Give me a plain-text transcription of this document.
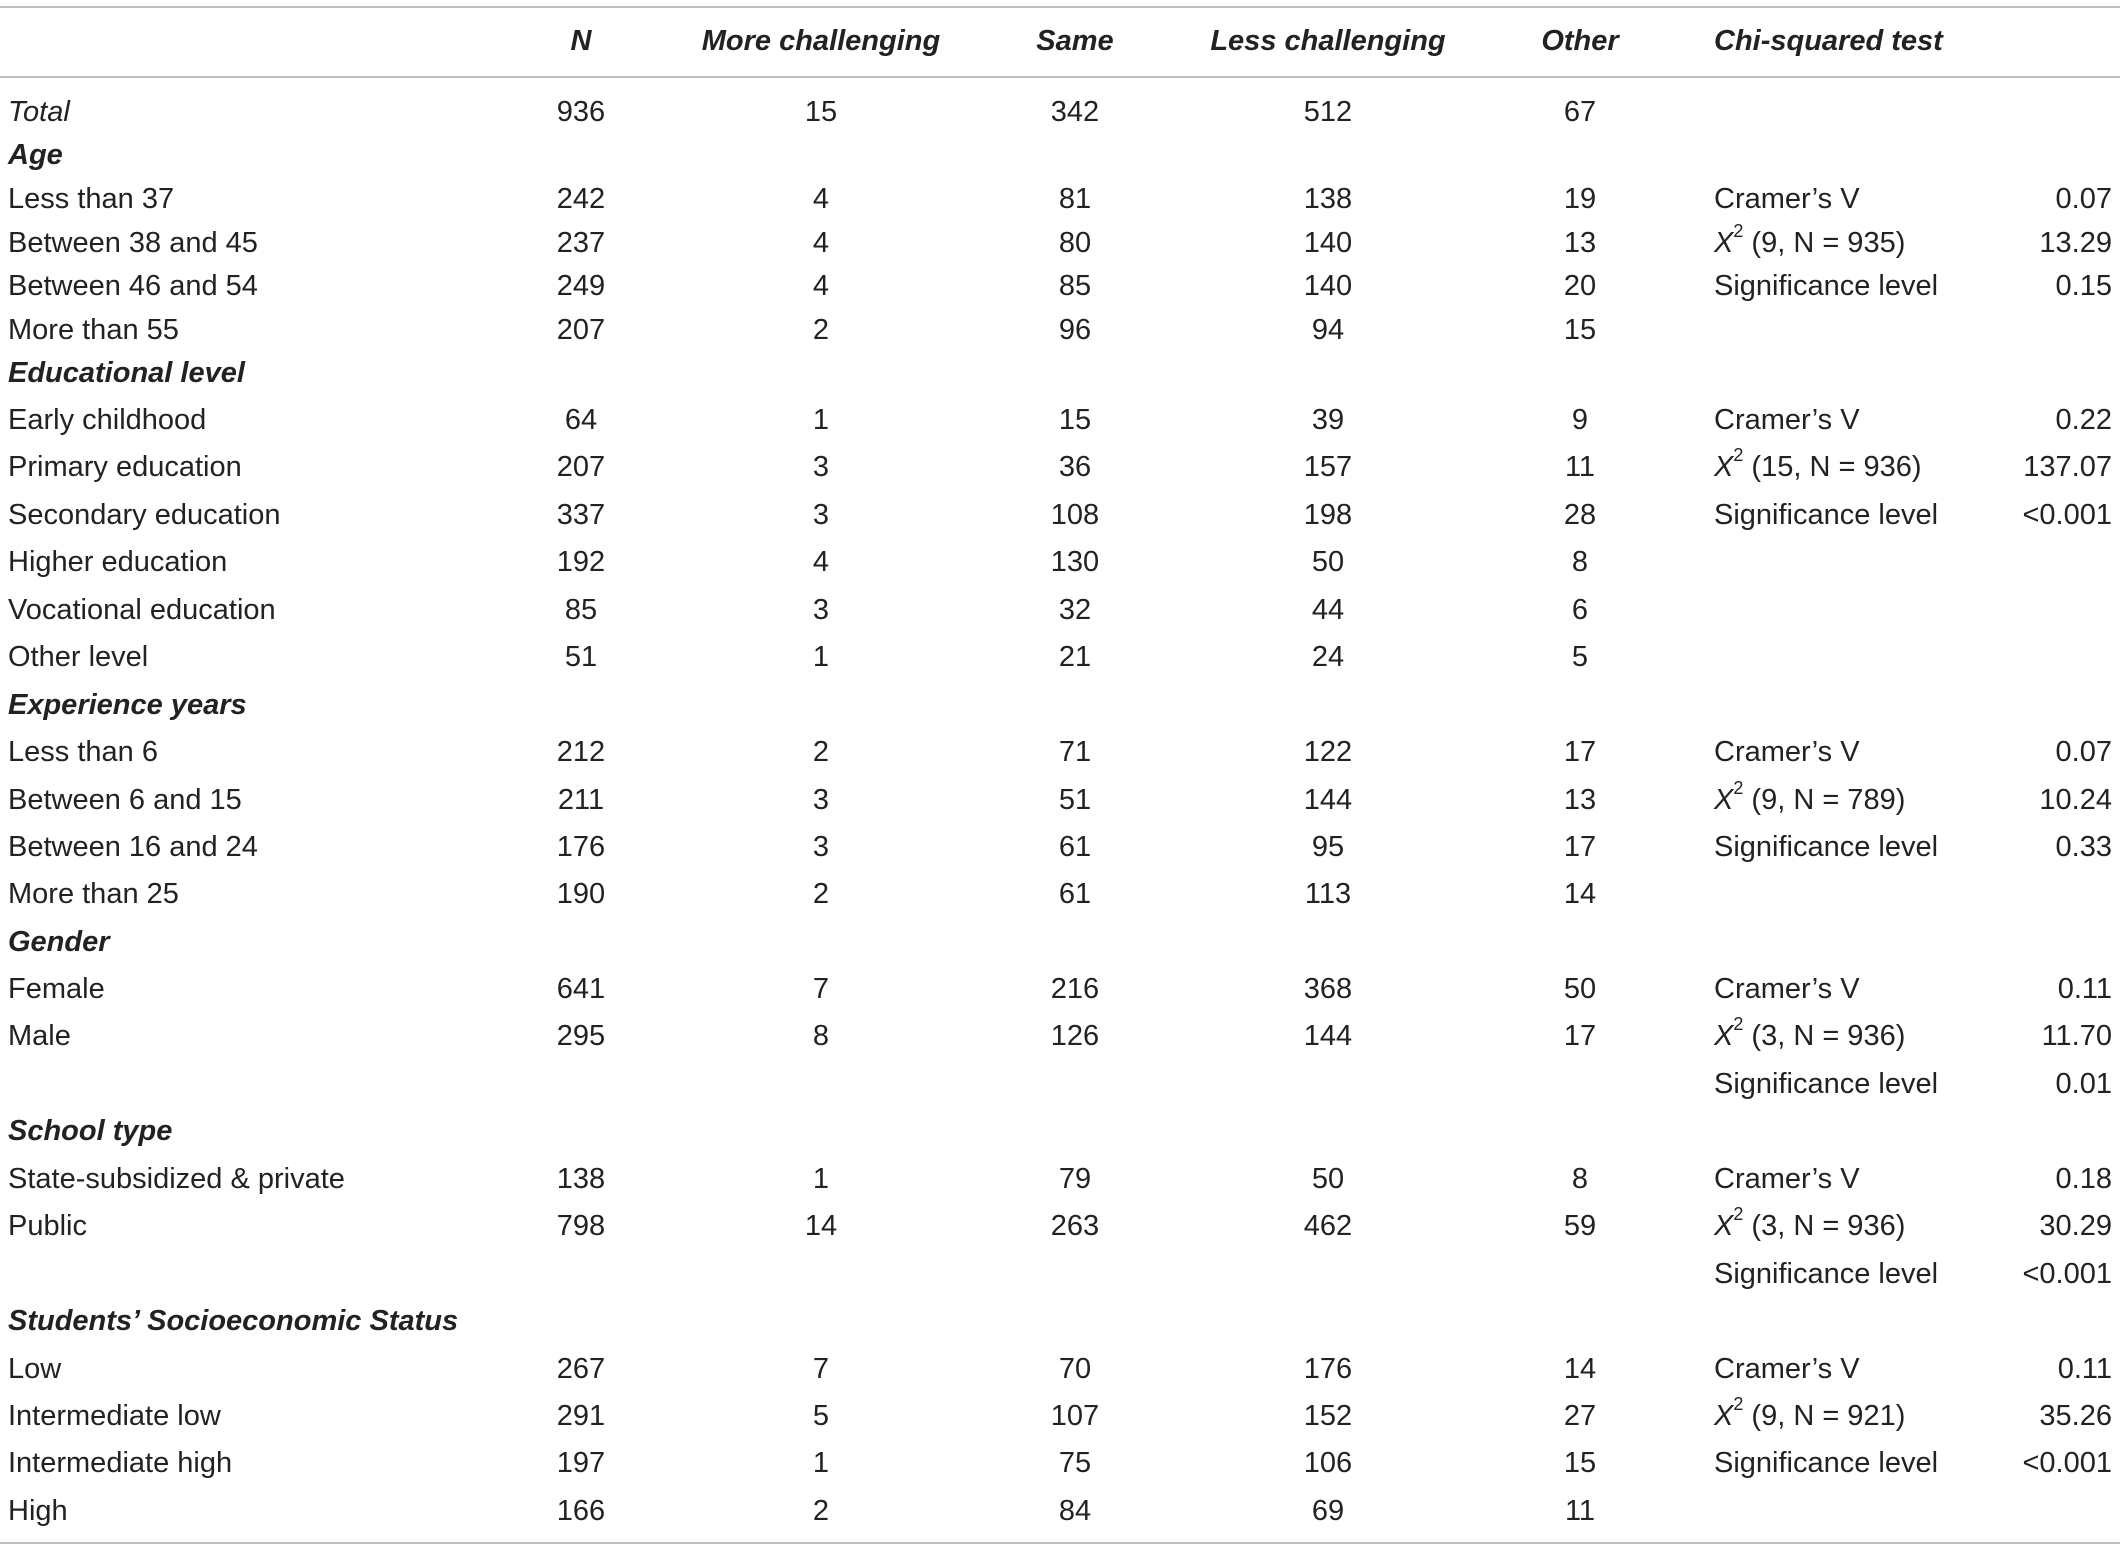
N	More challenging	Same	Less challenging	Other	Chi-squared test
Total	936	15	342	512	67
Age
Less than 37	242	4	81	138	19	Cramer’s V	0.07
Between 38 and 45	237	4	80	140	13	$X^2$ (9, N = 935)	13.29
Between 46 and 54	249	4	85	140	20	Significance level	0.15
More than 55	207	2	96	94	15
Educational level
Early childhood	64	1	15	39	9	Cramer’s V	0.22
Primary education	207	3	36	157	11	$X^2$ (15, N = 936)	137.07
Secondary education	337	3	108	198	28	Significance level	<0.001
Higher education	192	4	130	50	8
Vocational education	85	3	32	44	6
Other level	51	1	21	24	5
Experience years
Less than 6	212	2	71	122	17	Cramer’s V	0.07
Between 6 and 15	211	3	51	144	13	$X^2$ (9, N = 789)	10.24
Between 16 and 24	176	3	61	95	17	Significance level	0.33
More than 25	190	2	61	113	14
Gender
Female	641	7	216	368	50	Cramer’s V	0.11
Male	295	8	126	144	17	$X^2$ (3, N = 936)	11.70
Significance level	0.01
School type
State-subsidized & private	138	1	79	50	8	Cramer’s V	0.18
Public	798	14	263	462	59	$X^2$ (3, N = 936)	30.29
Significance level	<0.001
Students’ Socioeconomic Status
Low	267	7	70	176	14	Cramer’s V	0.11
Intermediate low	291	5	107	152	27	$X^2$ (9, N = 921)	35.26
Intermediate high	197	1	75	106	15	Significance level	<0.001
High	166	2	84	69	11
